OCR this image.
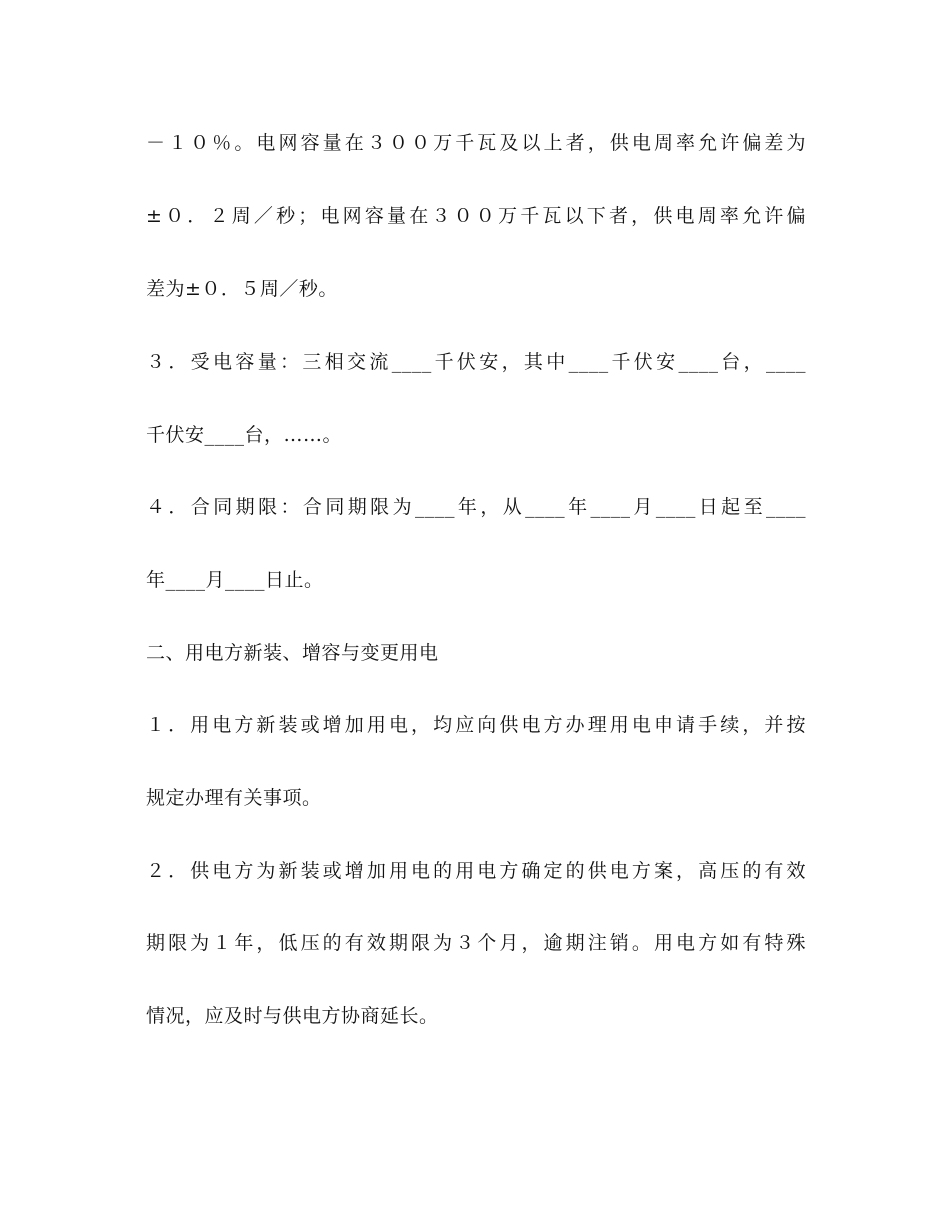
－１０％。电网容量在３００万千瓦及以上者，供电周率允许偏差为
±０．２周／秒；电网容量在３００万千瓦以下者，供电周率允许偏
差为±０．５周／秒。
３．受电容量：三相交流____千伏安，其中____千伏安____台，____
千伏安____台，……。
４．合同期限：合同期限为____年，从____年____月____日起至____
年____月____日止。
二、用电方新装、增容与变更用电
１．用电方新装或增加用电，均应向供电方办理用电申请手续，并按
规定办理有关事项。
２．供电方为新装或增加用电的用电方确定的供电方案，高压的有效
期限为１年，低压的有效期限为３个月，逾期注销。用电方如有特殊
情况，应及时与供电方协商延长。
